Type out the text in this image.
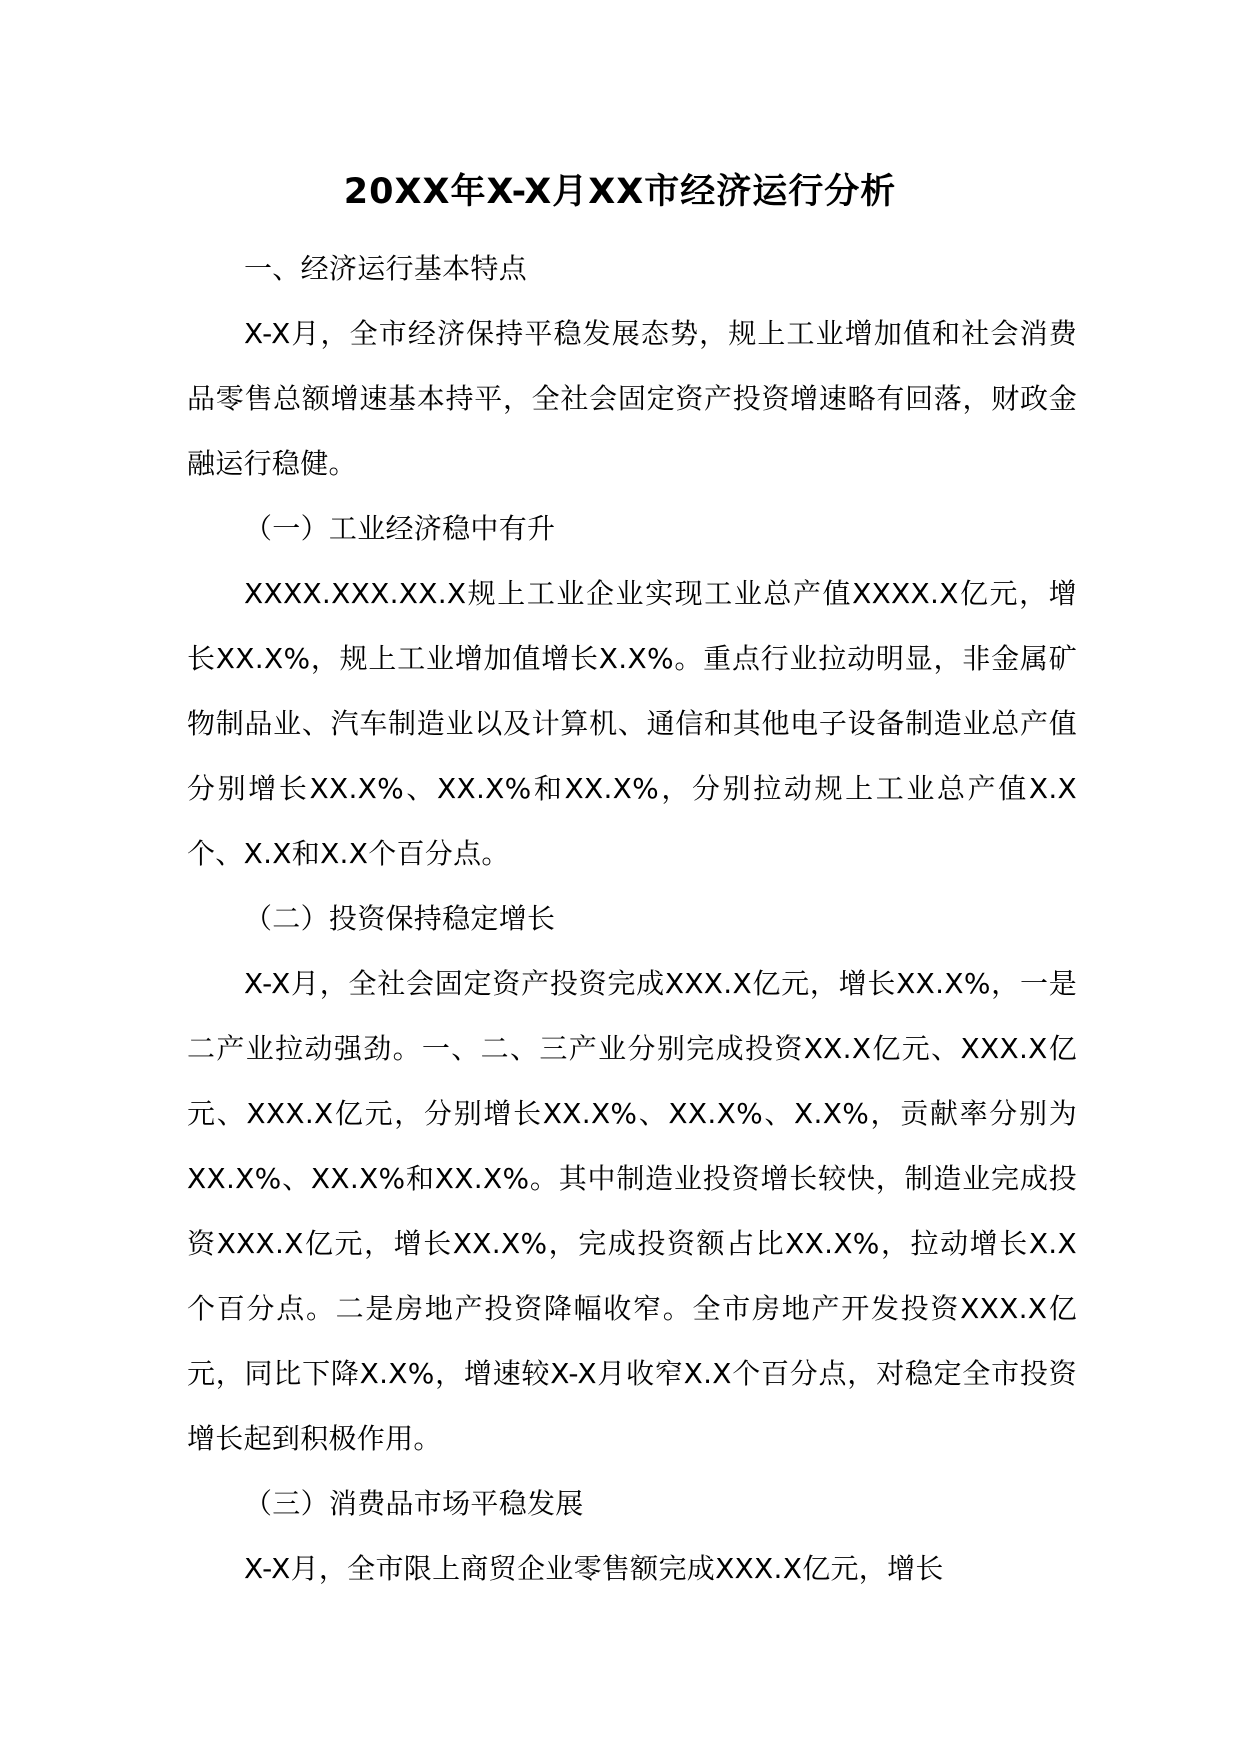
20XX年X-X月XX市经济运行分析

一、经济运行基本特点

X-X月，全市经济保持平稳发展态势，规上工业增加值和社会消费品零售总额增速基本持平，全社会固定资产投资增速略有回落，财政金融运行稳健。

（一）工业经济稳中有升

XXXX.XXX.XX.X规上工业企业实现工业总产值XXXX.X亿元，增长XX.X%，规上工业增加值增长X.X%。重点行业拉动明显，非金属矿物制品业、汽车制造业以及计算机、通信和其他电子设备制造业总产值分别增长XX.X%、XX.X%和XX.X%，分别拉动规上工业总产值X.X个、X.X和X.X个百分点。

（二）投资保持稳定增长

X-X月，全社会固定资产投资完成XXX.X亿元，增长XX.X%，一是二产业拉动强劲。一、二、三产业分别完成投资XX.X亿元、XXX.X亿元、XXX.X亿元，分别增长XX.X%、XX.X%、X.X%，贡献率分别为XX.X%、XX.X%和XX.X%。其中制造业投资增长较快，制造业完成投资XXX.X亿元，增长XX.X%，完成投资额占比XX.X%，拉动增长X.X个百分点。二是房地产投资降幅收窄。全市房地产开发投资XXX.X亿元，同比下降X.X%，增速较X-X月收窄X.X个百分点，对稳定全市投资增长起到积极作用。

（三）消费品市场平稳发展

X-X月，全市限上商贸企业零售额完成XXX.X亿元，增长
